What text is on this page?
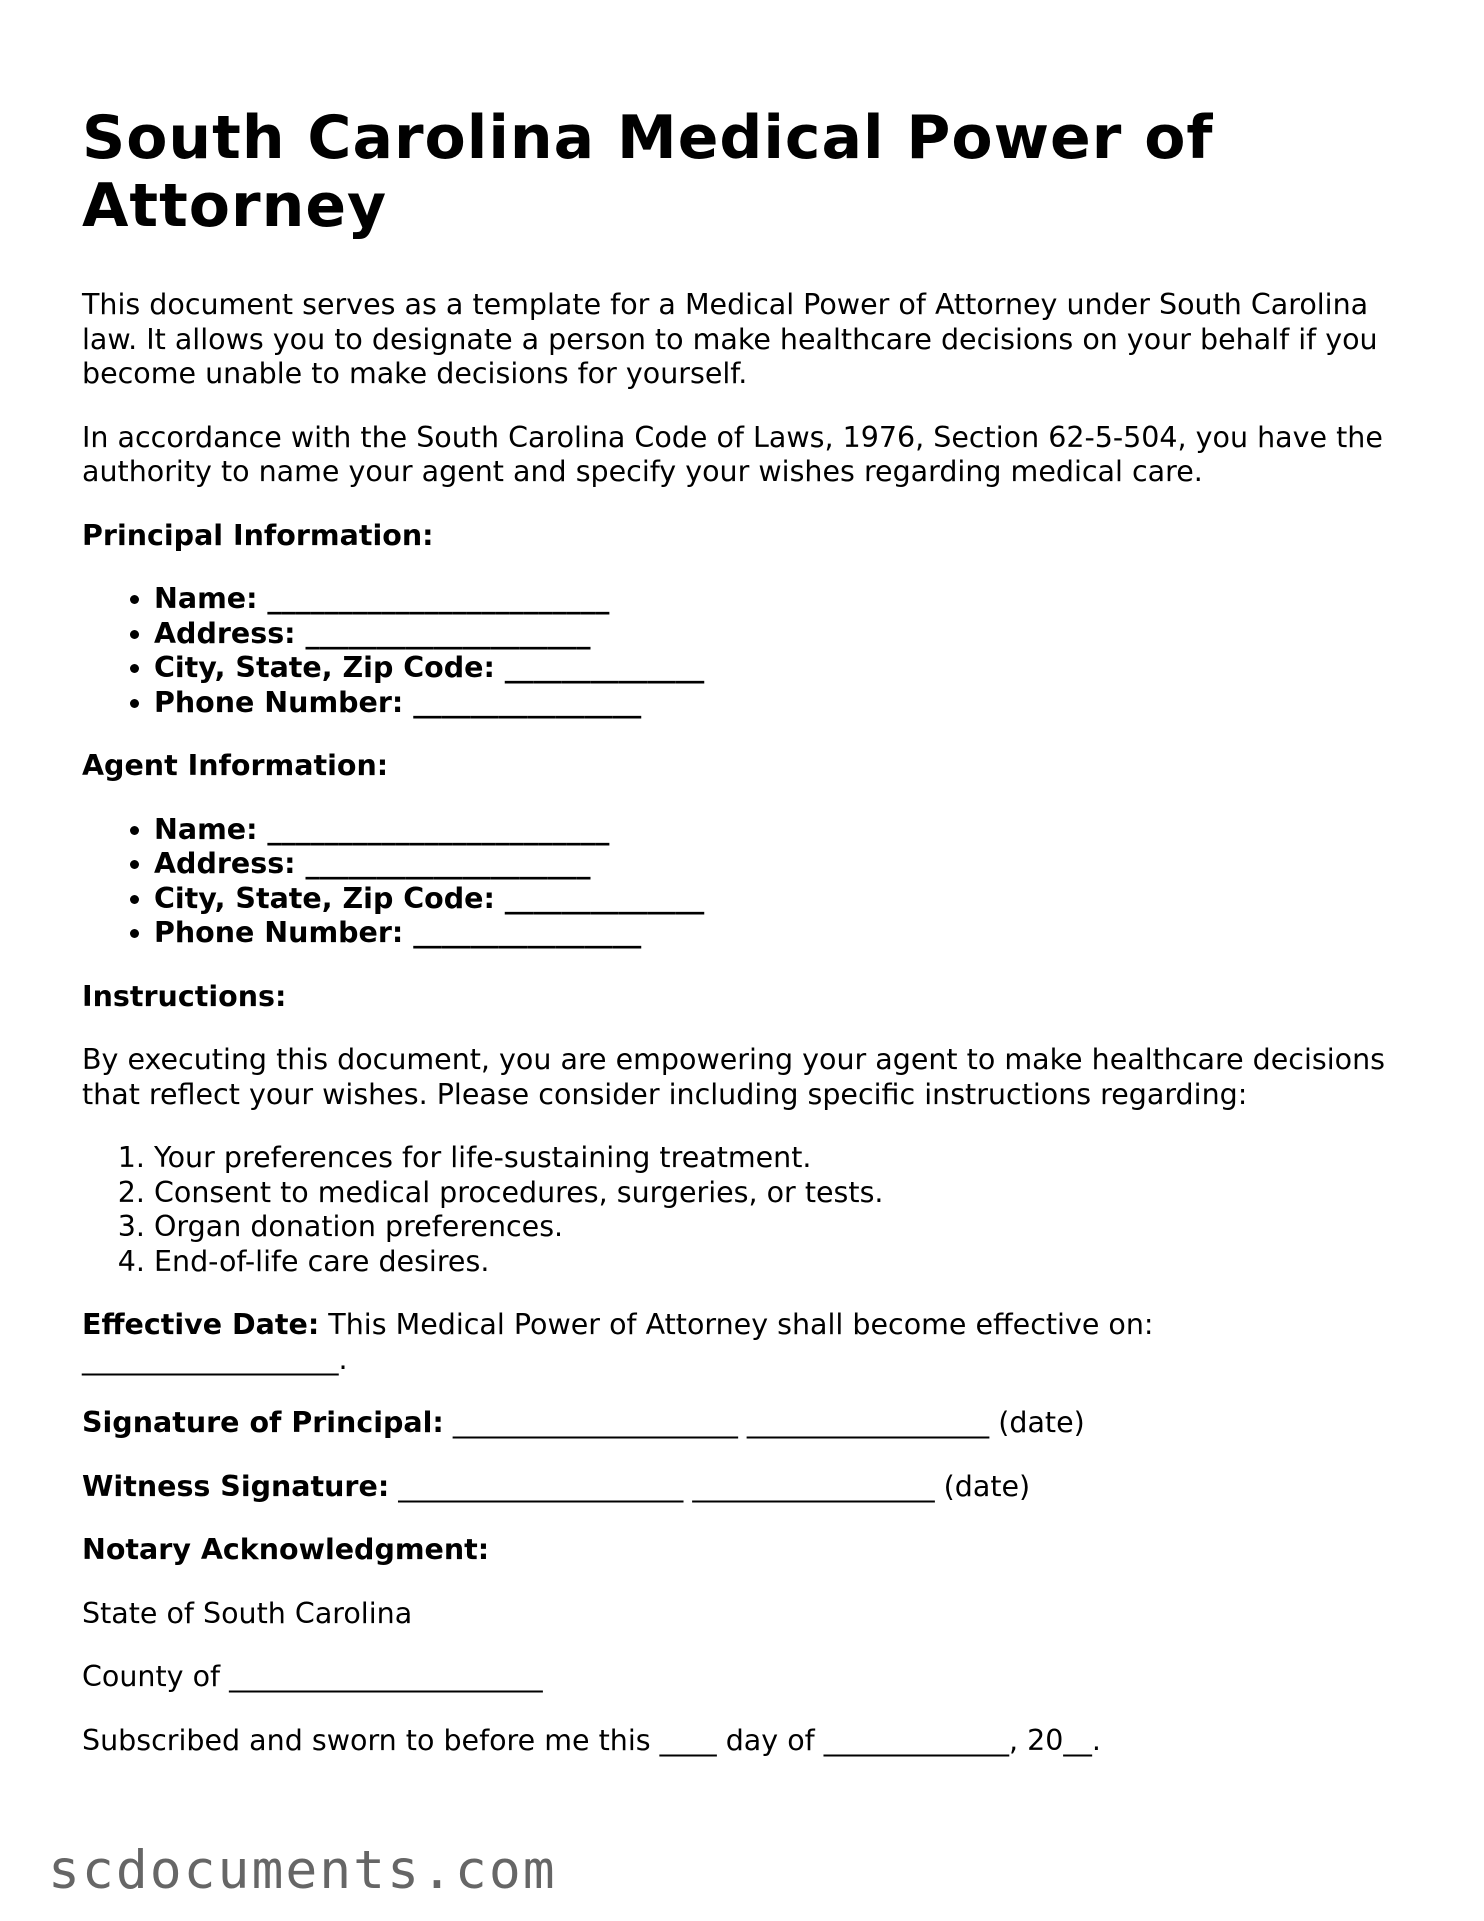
South Carolina Medical Power of Attorney

This document serves as a template for a Medical Power of Attorney under South Carolina law. It allows you to designate a person to make healthcare decisions on your behalf if you become unable to make decisions for yourself.

In accordance with the South Carolina Code of Laws, 1976, Section 62-5-504, you have the authority to name your agent and specify your wishes regarding medical care.

Principal Information:

• Name: ________________________
• Address: ____________________
• City, State, Zip Code: ______________
• Phone Number: ________________

Agent Information:

• Name: ________________________
• Address: ____________________
• City, State, Zip Code: ______________
• Phone Number: ________________

Instructions:

By executing this document, you are empowering your agent to make healthcare decisions that reflect your wishes. Please consider including specific instructions regarding:

1. Your preferences for life-sustaining treatment.
2. Consent to medical procedures, surgeries, or tests.
3. Organ donation preferences.
4. End-of-life care desires.

Effective Date: This Medical Power of Attorney shall become effective on: __________________.

Signature of Principal: ____________________ _________________ (date)

Witness Signature: ____________________ _________________ (date)

Notary Acknowledgment:

State of South Carolina

County of ______________________

Subscribed and sworn to before me this ____ day of _____________, 20__.

scdocuments.com
